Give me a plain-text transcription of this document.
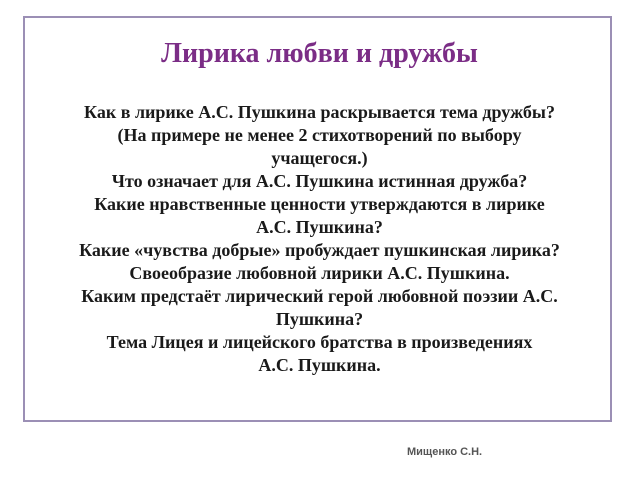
Лирика любви и дружбы
Как в лирике А.С. Пушкина раскрывается тема дружбы?
(На примере не менее 2 стихотворений по выбору
учащегося.)
Что означает для А.С. Пушкина истинная дружба?
Какие нравственные ценности утверждаются в лирике
А.С. Пушкина?
Какие «чувства добрые» пробуждает пушкинская лирика?
Своеобразие любовной лирики А.С. Пушкина.
Каким предстаёт лирический герой любовной поэзии А.С.
Пушкина?
Тема Лицея и лицейского братства в произведениях
А.С. Пушкина.
Мищенко С.Н.
